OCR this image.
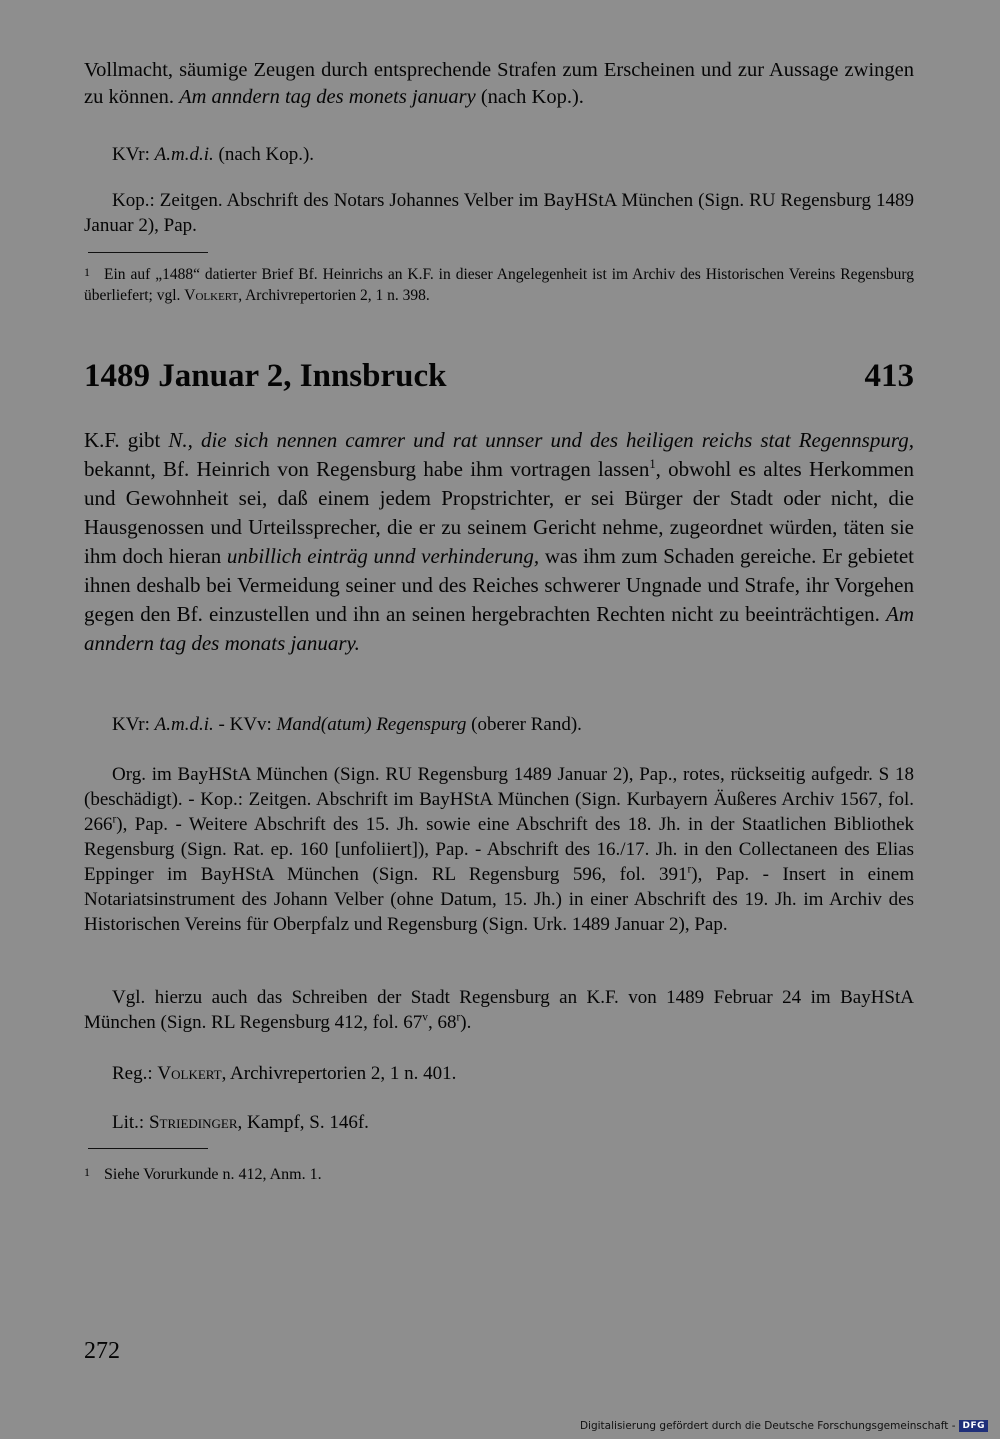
Vollmacht, säumige Zeugen durch entsprechende Strafen zum Erscheinen und zur Aussage zwingen zu können. Am anndern tag des monets january (nach Kop.).

KVr: A.m.d.i. (nach Kop.).

Kop.: Zeitgen. Abschrift des Notars Johannes Velber im BayHStA München (Sign. RU Regensburg 1489 Januar 2), Pap.

1 Ein auf „1488“ datierter Brief Bf. Heinrichs an K.F. in dieser Angelegenheit ist im Archiv des Historischen Vereins Regensburg überliefert; vgl. Volkert, Archivrepertorien 2, 1 n. 398.

1489 Januar 2, Innsbruck	413

K.F. gibt N., die sich nennen camrer und rat unnser und des heiligen reichs stat Regennspurg, bekannt, Bf. Heinrich von Regensburg habe ihm vortragen lassen$^1$, obwohl es altes Herkommen und Gewohnheit sei, daß einem jedem Propstrichter, er sei Bürger der Stadt oder nicht, die Hausgenossen und Urteilssprecher, die er zu seinem Gericht nehme, zugeordnet würden, täten sie ihm doch hieran unbillich einträg unnd verhinderung, was ihm zum Schaden gereiche. Er gebietet ihnen deshalb bei Vermeidung seiner und des Reiches schwerer Ungnade und Strafe, ihr Vorgehen gegen den Bf. einzustellen und ihn an seinen hergebrachten Rechten nicht zu beeinträchtigen. Am anndern tag des monats january.

KVr: A.m.d.i. - KVv: Mand(atum) Regenspurg (oberer Rand).

Org. im BayHStA München (Sign. RU Regensburg 1489 Januar 2), Pap., rotes, rückseitig aufgedr. S 18 (beschädigt). - Kop.: Zeitgen. Abschrift im BayHStA München (Sign. Kurbayern Äußeres Archiv 1567, fol. 266$^r$), Pap. - Weitere Abschrift des 15. Jh. sowie eine Abschrift des 18. Jh. in der Staatlichen Bibliothek Regensburg (Sign. Rat. ep. 160 [unfoliiert]), Pap. - Abschrift des 16./17. Jh. in den Collectaneen des Elias Eppinger im BayHStA München (Sign. RL Regensburg 596, fol. 391$^r$), Pap. - Insert in einem Notariatsinstrument des Johann Velber (ohne Datum, 15. Jh.) in einer Abschrift des 19. Jh. im Archiv des Historischen Vereins für Oberpfalz und Regensburg (Sign. Urk. 1489 Januar 2), Pap.

Vgl. hierzu auch das Schreiben der Stadt Regensburg an K.F. von 1489 Februar 24 im BayHStA München (Sign. RL Regensburg 412, fol. 67$^v$, 68$^r$).

Reg.: Volkert, Archivrepertorien 2, 1 n. 401.

Lit.: Striedinger, Kampf, S. 146f.

1 Siehe Vorurkunde n. 412, Anm. 1.

272
Digitalisierung gefördert durch die Deutsche Forschungsgemeinschaft - DFG
